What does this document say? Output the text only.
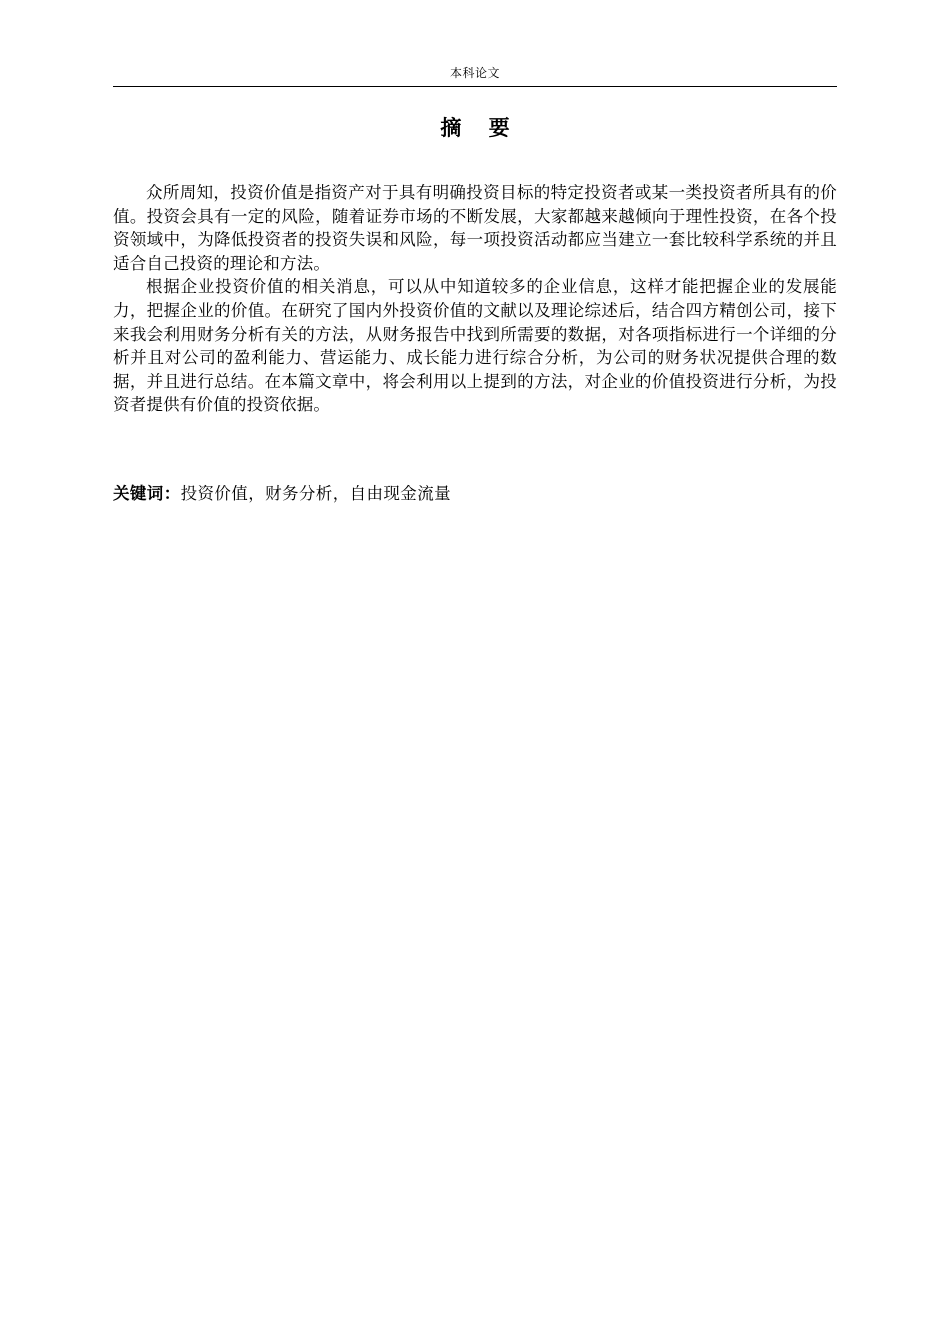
本科论文
摘 要

众所周知，投资价值是指资产对于具有明确投资目标的特定投资者或某一类投资者所具有的价值。投资会具有一定的风险，随着证券市场的不断发展，大家都越来越倾向于理性投资，在各个投资领域中，为降低投资者的投资失误和风险，每一项投资活动都应当建立一套比较科学系统的并且适合自己投资的理论和方法。

根据企业投资价值的相关消息，可以从中知道较多的企业信息，这样才能把握企业的发展能力，把握企业的价值。在研究了国内外投资价值的文献以及理论综述后，结合四方精创公司，接下来我会利用财务分析有关的方法，从财务报告中找到所需要的数据，对各项指标进行一个详细的分析并且对公司的盈利能力、营运能力、成长能力进行综合分析，为公司的财务状况提供合理的数据，并且进行总结。在本篇文章中，将会利用以上提到的方法，对企业的价值投资进行分析，为投资者提供有价值的投资依据。

关键词：投资价值，财务分析，自由现金流量
